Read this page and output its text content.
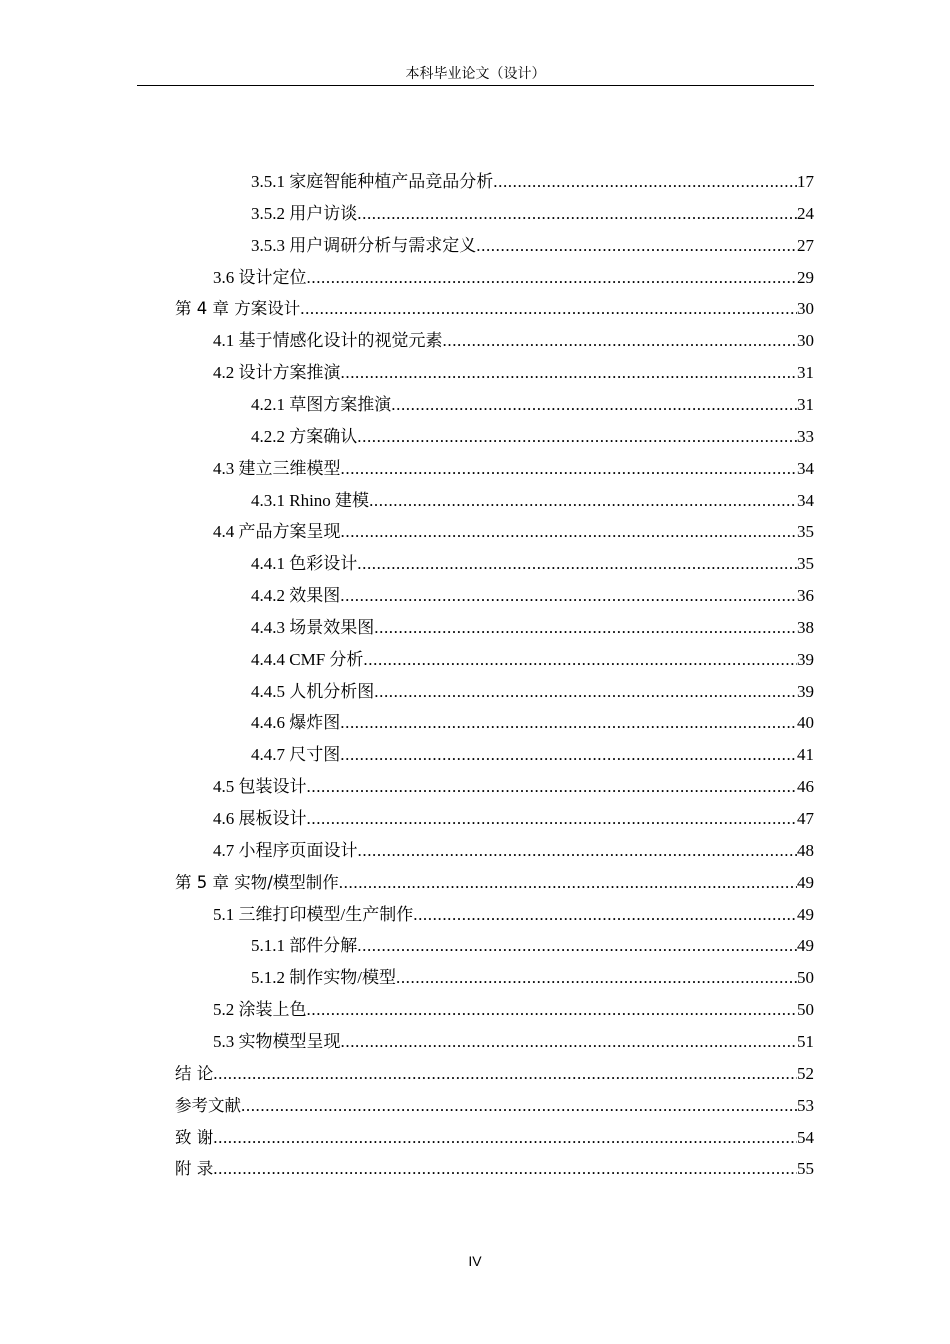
本科毕业论文（设计）
3.5.1 家庭智能种植产品竞品分析 .....	17
3.5.2 用户访谈 .....	24
3.5.3 用户调研分析与需求定义 .....	27
3.6 设计定位 .....	29
第 4 章 方案设计 .....	30
4.1 基于情感化设计的视觉元素 .....	30
4.2 设计方案推演 .....	31
4.2.1 草图方案推演 .....	31
4.2.2 方案确认 .....	33
4.3 建立三维模型 .....	34
4.3.1 Rhino 建模 .....	34
4.4 产品方案呈现 .....	35
4.4.1 色彩设计 .....	35
4.4.2 效果图 .....	36
4.4.3 场景效果图 .....	38
4.4.4 CMF 分析 .....	39
4.4.5 人机分析图 .....	39
4.4.6 爆炸图 .....	40
4.4.7 尺寸图 .....	41
4.5 包装设计 .....	46
4.6 展板设计 .....	47
4.7 小程序页面设计 .....	48
第 5 章 实物/模型制作 .....	49
5.1 三维打印模型/生产制作 .....	49
5.1.1 部件分解 .....	49
5.1.2 制作实物/模型 .....	50
5.2 涂装上色 .....	50
5.3 实物模型呈现 .....	51
结 论 .....	52
参考文献 .....	53
致 谢 .....	54
附 录 .....	55
IV
